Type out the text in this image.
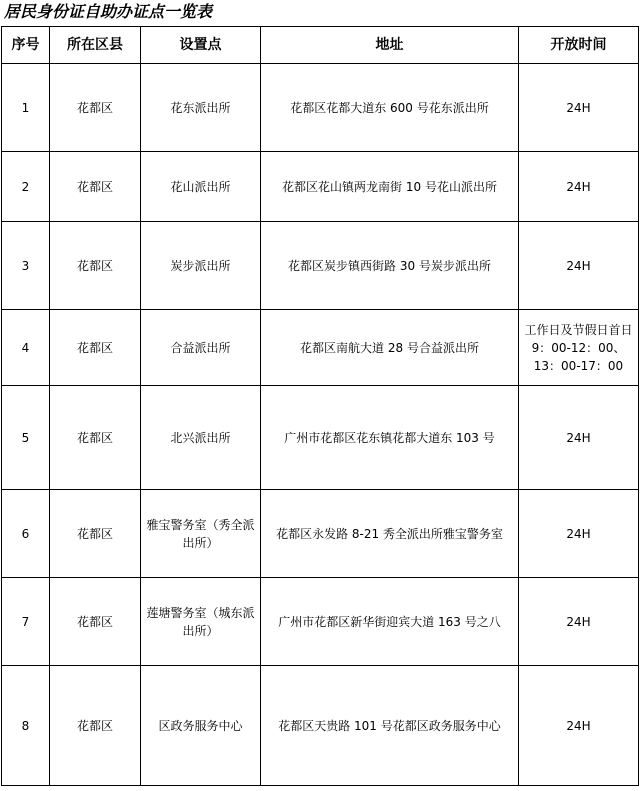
居民身份证自助办证点一览表
序号	所在区县	设置点	地址	开放时间
1	花都区	花东派出所	花都区花都大道东 600 号花东派出所	24H
2	花都区	花山派出所	花都区花山镇两龙南街 10 号花山派出所	24H
3	花都区	炭步派出所	花都区炭步镇西街路 30 号炭步派出所	24H
4	花都区	合益派出所	花都区南航大道 28 号合益派出所	工作日及节假日首日 9：00-12：00、13：00-17：00
5	花都区	北兴派出所	广州市花都区花东镇花都大道东 103 号	24H
6	花都区	雅宝警务室（秀全派出所）	花都区永发路 8-21 秀全派出所雅宝警务室	24H
7	花都区	莲塘警务室（城东派出所）	广州市花都区新华街迎宾大道 163 号之八	24H
8	花都区	区政务服务中心	花都区天贵路 101 号花都区政务服务中心	24H
